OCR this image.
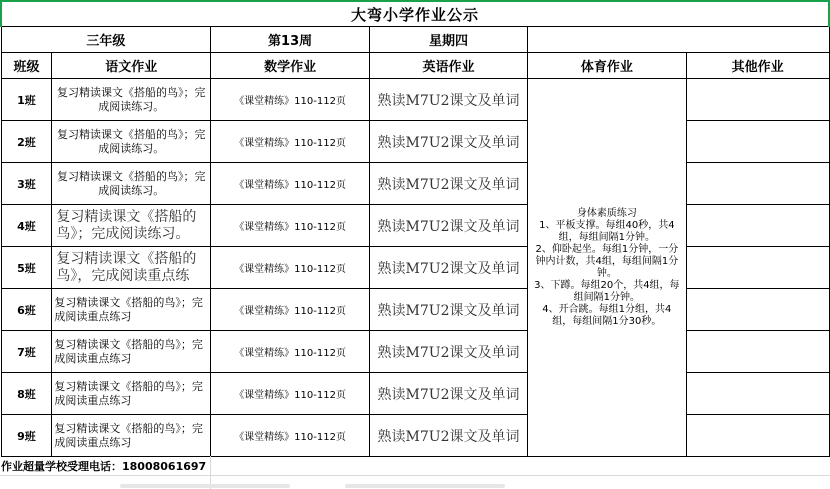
大弯小学作业公示					
三年级		第13周	星期四		
班级	语文作业	数学作业	英语作业	体育作业	其他作业
1班	复习精读课文《搭船的鸟》；完成阅读练习。	《课堂精练》110-112页	熟读M7U2课文及单词	身体素质练习
1、平板支撑。每组40秒，共4组，每组间隔1分钟。
2、仰卧起坐。每组1分钟，一分钟内计数，共4组，每组间隔1分钟。
3、下蹲。每组20个，共4组，每组间隔1分钟。
4、开合跳。每组1分组，共4组，每组间隔1分30秒。	

2班	复习精读课文《搭船的鸟》；完成阅读练习。	《课堂精练》110-112页	熟读M7U2课文及单词		
3班	复习精读课文《搭船的鸟》；完成阅读练习。	《课堂精练》110-112页	熟读M7U2课文及单词		
4班	复习精读课文《搭船的鸟》；完成阅读练习。	《课堂精练》110-112页	熟读M7U2课文及单词		
5班	复习精读课文《搭船的鸟》，完成阅读重点练	《课堂精练》110-112页	熟读M7U2课文及单词		
6班	复习精读课文《搭船的鸟》；完成阅读重点练习	《课堂精练》110-112页	熟读M7U2课文及单词		
7班	复习精读课文《搭船的鸟》；完成阅读重点练习	《课堂精练》110-112页	熟读M7U2课文及单词		
8班	复习精读课文《搭船的鸟》；完成阅读重点练习	《课堂精练》110-112页	熟读M7U2课文及单词		
9班	复习精读课文《搭船的鸟》；完成阅读重点练习	《课堂精练》110-112页	熟读M7U2课文及单词		
作业超量学校受理电话：18008061697
